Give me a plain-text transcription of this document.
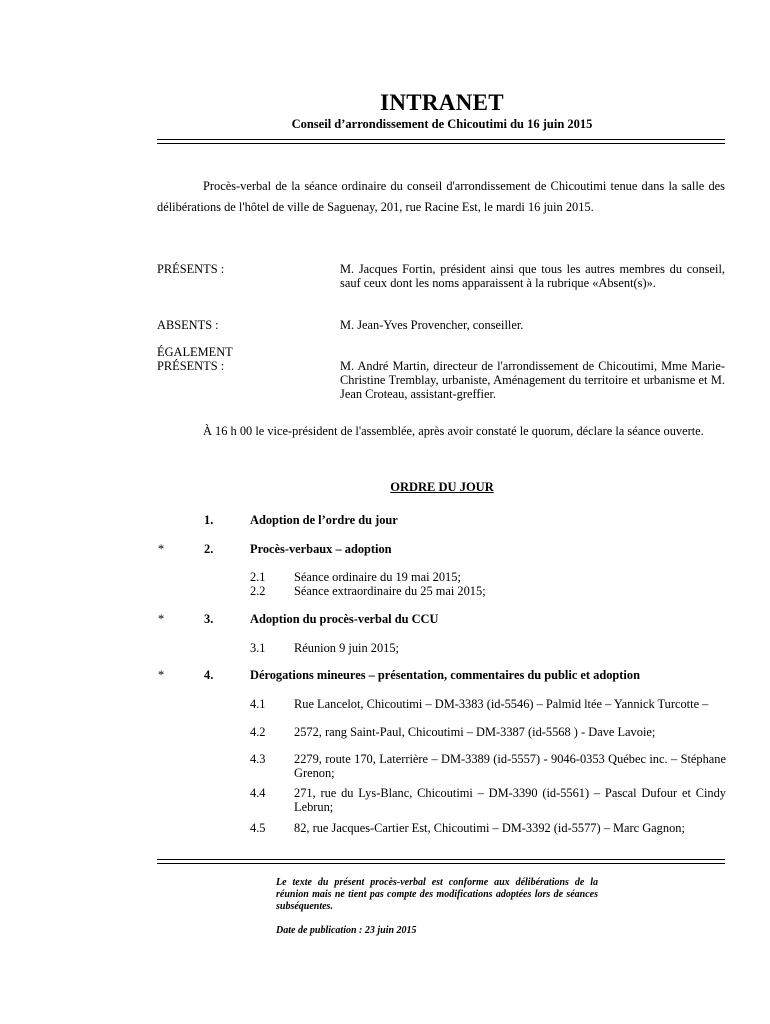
INTRANET
Conseil d’arrondissement de Chicoutimi du 16 juin 2015
Procès-verbal de la séance ordinaire du conseil d'arrondissement de Chicoutimi tenue dans la salle des délibérations de l'hôtel de ville de Saguenay, 201, rue Racine Est, le mardi 16 juin 2015.
PRÉSENTS :	M. Jacques Fortin, président ainsi que tous les autres membres du conseil, sauf ceux dont les noms apparaissent à la rubrique «Absent(s)».
ABSENTS :	M. Jean-Yves Provencher, conseiller.
ÉGALEMENT
PRÉSENTS :	M. André Martin, directeur de l'arrondissement de Chicoutimi, Mme Marie-Christine Tremblay, urbaniste, Aménagement du territoire et urbanisme et M. Jean Croteau, assistant-greffier.
À 16 h 00 le vice-président de l'assemblée, après avoir constaté le quorum, déclare la séance ouverte.
ORDRE DU JOUR
1.	Adoption de l’ordre du jour
*	2.	Procès-verbaux – adoption
2.1 Séance ordinaire du 19 mai 2015;
2.2 Séance extraordinaire du 25 mai 2015;
*	3.	Adoption du procès-verbal du CCU
3.1 Réunion 9 juin 2015;
*	4.	Dérogations mineures – présentation, commentaires du public et adoption
4.1 Rue Lancelot, Chicoutimi – DM-3383 (id-5546) – Palmid ltée – Yannick Turcotte –
4.2 2572, rang Saint-Paul, Chicoutimi – DM-3387 (id-5568 ) - Dave Lavoie;
4.3 2279, route 170, Laterrière – DM-3389 (id-5557) - 9046-0353 Québec inc. – Stéphane Grenon;
4.4 271, rue du Lys-Blanc, Chicoutimi – DM-3390 (id-5561) – Pascal Dufour et Cindy Lebrun;
4.5 82, rue Jacques-Cartier Est, Chicoutimi – DM-3392 (id-5577) – Marc Gagnon;
Le texte du présent procès-verbal est conforme aux délibérations de la réunion mais ne tient pas compte des modifications adoptées lors de séances subséquentes.
Date de publication : 23 juin 2015
